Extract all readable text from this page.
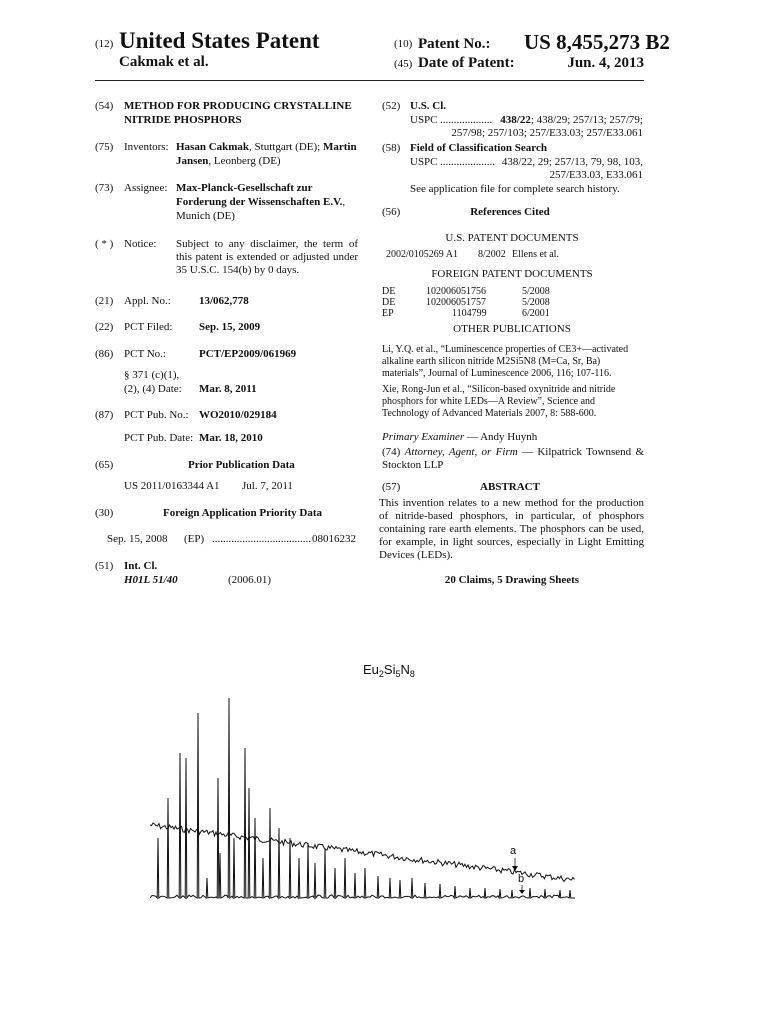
(12) United States Patent
Cakmak et al.
(10) Patent No.: US 8,455,273 B2
(45) Date of Patent:	Jun. 4, 2013
(54) METHOD FOR PRODUCING CRYSTALLINE
NITRIDE PHOSPHORS
(75) Inventors: Hasan Cakmak, Stuttgart (DE); Martin
Jansen, Leonberg (DE)
(73) Assignee: Max-Planck-Gesellschaft zur
Forderung der Wissenschaften E.V.,
Munich (DE)
( * ) Notice: Subject to any disclaimer, the term of this patent is extended or adjusted under 35 U.S.C. 154(b) by 0 days.
(21) Appl. No.:	13/062,778
(22) PCT Filed: Sep. 15, 2009
(86) PCT No.:	PCT/EP2009/061969
§ 371 (c)(1),
(2), (4) Date: Mar. 8, 2011
(87) PCT Pub. No.: WO2010/029184
PCT Pub. Date: Mar. 18, 2010
(65)	Prior Publication Data
US 2011/0163344 A1 Jul. 7, 2011
(30)	Foreign Application Priority Data
Sep. 15, 2008 (EP) .................................... 08016232
(51) Int. Cl.
H01L 51/40	(2006.01)
(52) U.S. Cl.
USPC ................... 438/22; 438/29; 257/13; 257/79;
257/98; 257/103; 257/E33.03; 257/E33.061
(58) Field of Classification Search
USPC .................... 438/22, 29; 257/13, 79, 98, 103,
257/E33.03, E33.061
See application file for complete search history.
(56)	References Cited
U.S. PATENT DOCUMENTS
2002/0105269 A1 8/2002 Ellens et al.
FOREIGN PATENT DOCUMENTS
DE	102006051756	5/2008
DE	102006051757	5/2008
EP	1104799	6/2001
OTHER PUBLICATIONS
Li, Y.Q. et al., “Luminescence properties of CE3+—activated alkaline earth silicon nitride M2Si5N8 (M=Ca, Sr, Ba) materials”, Journal of Luminescence 2006, 116; 107-116.
Xie, Rong-Jun et al., “Silicon-based oxynitride and nitride phosphors for white LEDs—A Review”, Science and Technology of Advanced Materials 2007, 8: 588-600.
Primary Examiner — Andy Huynh
(74) Attorney, Agent, or Firm — Kilpatrick Townsend & Stockton LLP
(57)	ABSTRACT
This invention relates to a new method for the production of nitride-based phosphors, in particular, of phosphors containing rare earth elements. The phosphors can be used, for example, in light sources, especially in Light Emitting Devices (LEDs).
20 Claims, 5 Drawing Sheets
a
b
$Eu_2Si_5N_8$
